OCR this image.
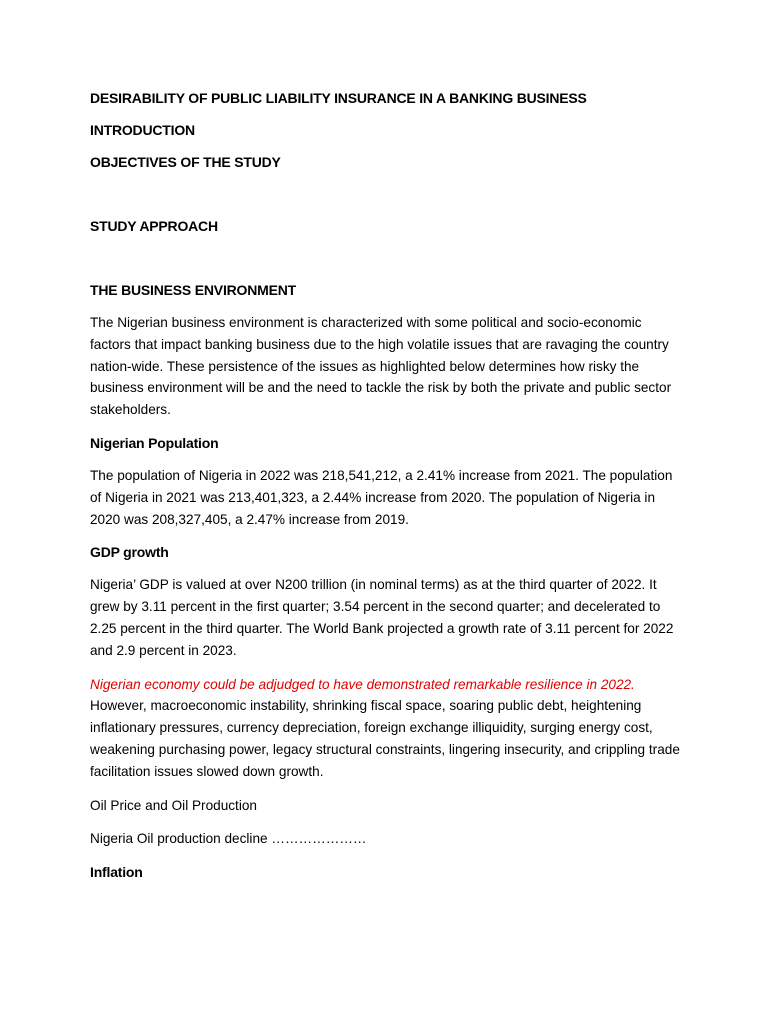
DESIRABILITY OF PUBLIC LIABILITY INSURANCE IN A BANKING BUSINESS
INTRODUCTION
OBJECTIVES OF THE STUDY
STUDY APPROACH
THE BUSINESS ENVIRONMENT

The Nigerian business environment is characterized with some political and socio-economic factors that impact banking business due to the high volatile issues that are ravaging the country nation-wide. These persistence of the issues as highlighted below determines how risky the business environment will be and the need to tackle the risk by both the private and public sector stakeholders.

Nigerian Population

The population of Nigeria in 2022 was 218,541,212, a 2.41% increase from 2021. The population of Nigeria in 2021 was 213,401,323, a 2.44% increase from 2020. The population of Nigeria in 2020 was 208,327,405, a 2.47% increase from 2019.

GDP growth

Nigeria’ GDP is valued at over N200 trillion (in nominal terms) as at the third quarter of 2022. It grew by 3.11 percent in the first quarter; 3.54 percent in the second quarter; and decelerated to 2.25 percent in the third quarter. The World Bank projected a growth rate of 3.11 percent for 2022 and 2.9 percent in 2023.

Nigerian economy could be adjudged to have demonstrated remarkable resilience in 2022.
However, macroeconomic instability, shrinking fiscal space, soaring public debt, heightening inflationary pressures, currency depreciation, foreign exchange illiquidity, surging energy cost, weakening purchasing power, legacy structural constraints, lingering insecurity, and crippling trade facilitation issues slowed down growth.

Oil Price and Oil Production

Nigeria Oil production decline …………………

Inflation
